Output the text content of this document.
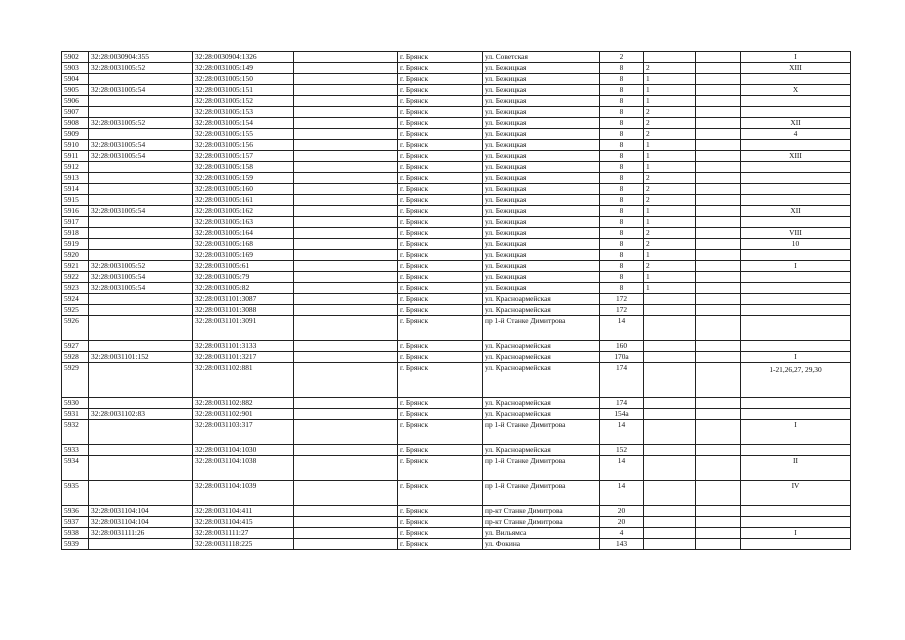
5902	32:28:0030904:355	32:28:0030904:1326		г. Брянск	ул. Советская	2			I
5903	32:28:0031005:52	32:28:0031005:149		г. Брянск	ул. Бежицкая	8	2		XIII
5904		32:28:0031005:150		г. Брянск	ул. Бежицкая	8	1		
5905	32:28:0031005:54	32:28:0031005:151		г. Брянск	ул. Бежицкая	8	1		X
5906		32:28:0031005:152		г. Брянск	ул. Бежицкая	8	1		
5907		32:28:0031005:153		г. Брянск	ул. Бежицкая	8	2		
5908	32:28:0031005:52	32:28:0031005:154		г. Брянск	ул. Бежицкая	8	2		XII
5909		32:28:0031005:155		г. Брянск	ул. Бежицкая	8	2		4
5910	32:28:0031005:54	32:28:0031005:156		г. Брянск	ул. Бежицкая	8	1		
5911	32:28:0031005:54	32:28:0031005:157		г. Брянск	ул. Бежицкая	8	1		XIII
5912		32:28:0031005:158		г. Брянск	ул. Бежицкая	8	1		
5913		32:28:0031005:159		г. Брянск	ул. Бежицкая	8	2		
5914		32:28:0031005:160		г. Брянск	ул. Бежицкая	8	2		
5915		32:28:0031005:161		г. Брянск	ул. Бежицкая	8	2		
5916	32:28:0031005:54	32:28:0031005:162		г. Брянск	ул. Бежицкая	8	1		XII
5917		32:28:0031005:163		г. Брянск	ул. Бежицкая	8	1		
5918		32:28:0031005:164		г. Брянск	ул. Бежицкая	8	2		VIII
5919		32:28:0031005:168		г. Брянск	ул. Бежицкая	8	2		10
5920		32:28:0031005:169		г. Брянск	ул. Бежицкая	8	1		
5921	32:28:0031005:52	32:28:0031005:61		г. Брянск	ул. Бежицкая	8	2		I
5922	32:28:0031005:54	32:28:0031005:79		г. Брянск	ул. Бежицкая	8	1		
5923	32:28:0031005:54	32:28:0031005:82		г. Брянск	ул. Бежицкая	8	1		
5924		32:28:0031101:3087		г. Брянск	ул. Красноармейская	172			
5925		32:28:0031101:3088		г. Брянск	ул. Красноармейская	172			
5926		32:28:0031101:3091		г. Брянск	пр 1-й Станке Димитрова	14			
5927		32:28:0031101:3133		г. Брянск	ул. Красноармейская	160			
5928	32:28:0031101:152	32:28:0031101:3217		г. Брянск	ул. Красноармейская	170а			I
5929		32:28:0031102:881		г. Брянск	ул. Красноармейская	174			1-21,26,27, 29,30
5930		32:28:0031102:882		г. Брянск	ул. Красноармейская	174			
5931	32:28:0031102:83	32:28:0031102:901		г. Брянск	ул. Красноармейская	154а			
5932		32:28:0031103:317		г. Брянск	пр 1-й Станке Димитрова	14			I
5933		32:28:0031104:1030		г. Брянск	ул. Красноармейская	152			
5934		32:28:0031104:1038		г. Брянск	пр 1-й Станке Димитрова	14			II
5935		32:28:0031104:1039		г. Брянск	пр 1-й Станке Димитрова	14			IV
5936	32:28:0031104:104	32:28:0031104:411		г. Брянск	пр-кт Станке Димитрова	20			
5937	32:28:0031104:104	32:28:0031104:415		г. Брянск	пр-кт Станке Димитрова	20			
5938	32:28:0031111:26	32:28:0031111:27		г. Брянск	ул. Вильямса	4			I
5939		32:28:0031118:225		г. Брянск	ул. Фокина	143			
